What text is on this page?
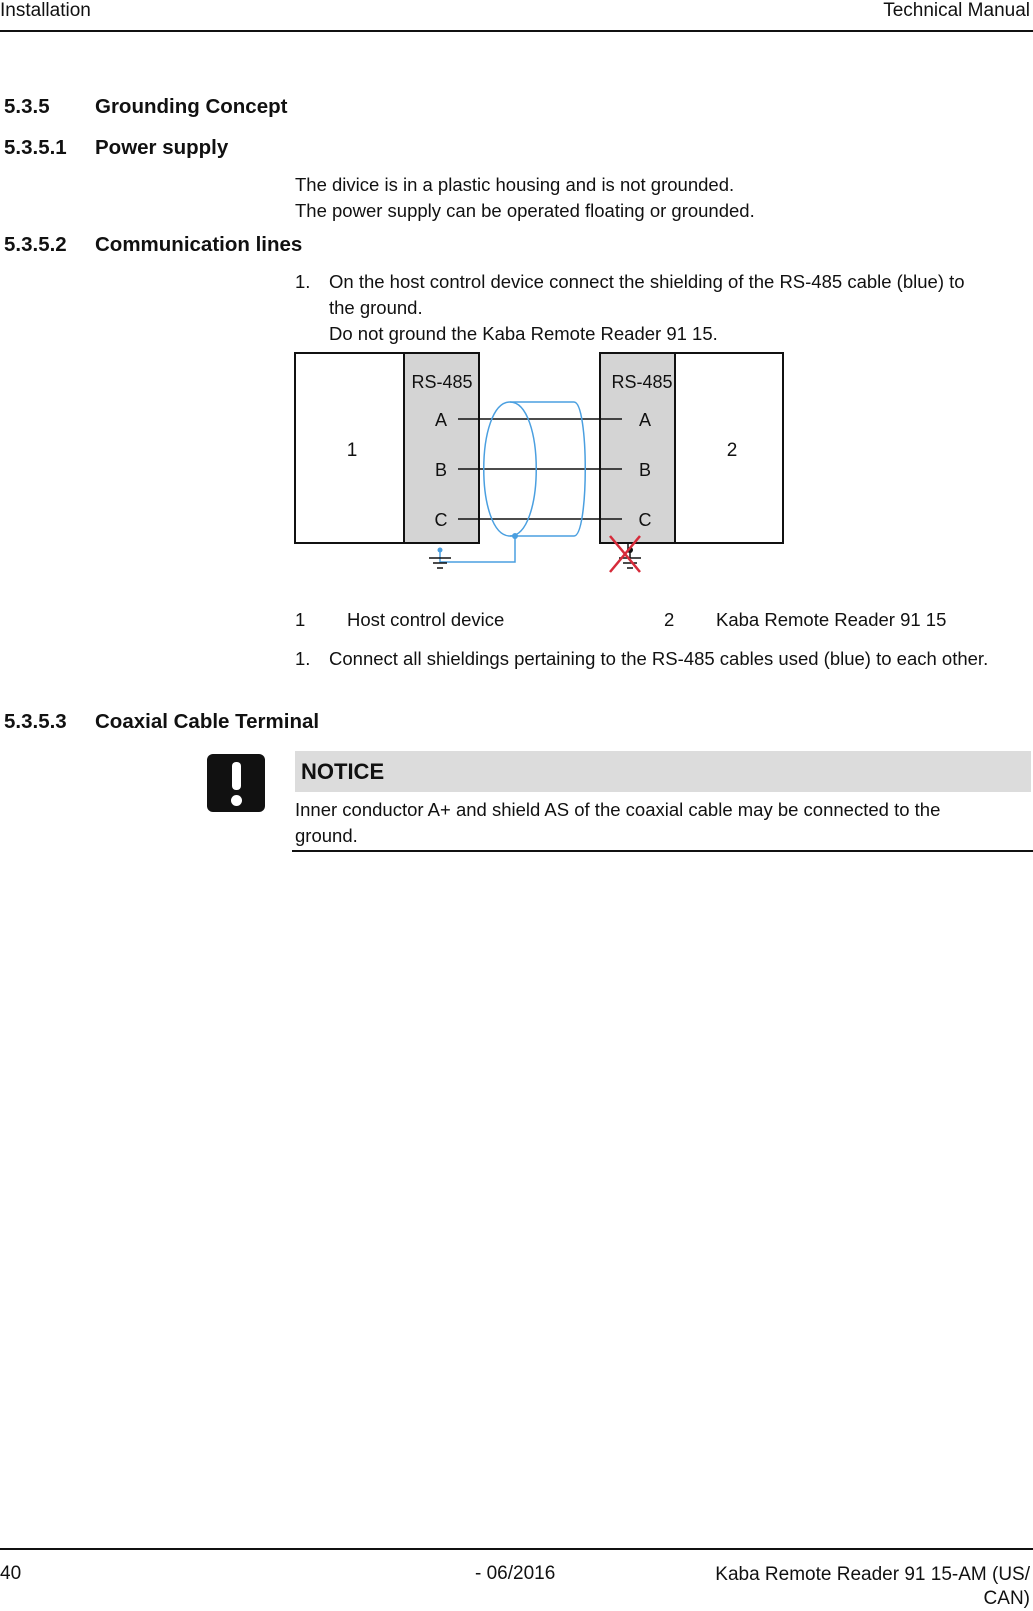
Installation	Technical Manual
5.3.5 Grounding Concept
5.3.5.1 Power supply
The divice is in a plastic housing and is not grounded.
The power supply can be operated floating or grounded.
5.3.5.2 Communication lines
1. On the host control device connect the shielding of the RS-485 cable (blue) to
the ground.
Do not ground the Kaba Remote Reader 91 15.
1
RS-485
A
B
C
2
RS-485
A
B
C
1 Host control device	2 Kaba Remote Reader 91 15
1. Connect all shieldings pertaining to the RS-485 cables used (blue) to each other.
5.3.5.3 Coaxial Cable Terminal
NOTICE
Inner conductor A+ and shield AS of the coaxial cable may be connected to the
ground.
40	- 06/2016	Kaba Remote Reader 91 15-AM (US/
CAN)
